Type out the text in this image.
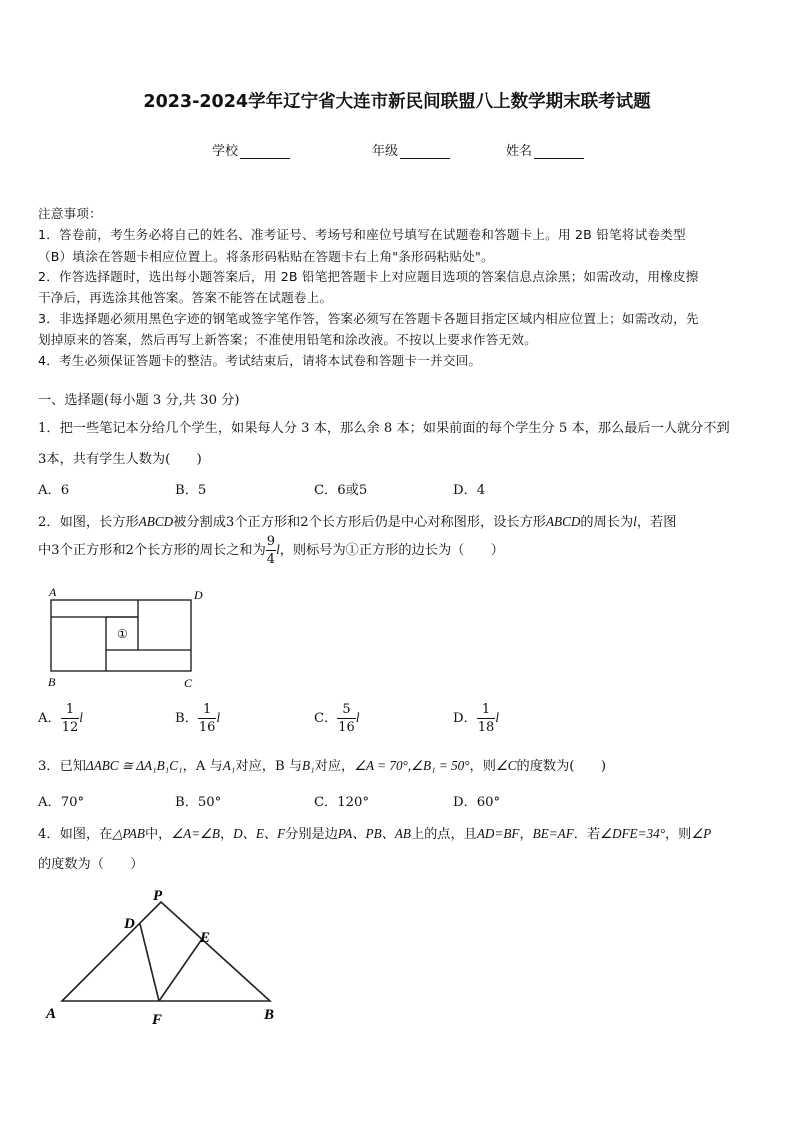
2023-2024学年辽宁省大连市新民间联盟八上数学期末联考试题
学校	年级	姓名
注意事项：
1．答卷前，考生务必将自己的姓名、准考证号、考场号和座位号填写在试题卷和答题卡上。用 2B 铅笔将试卷类型
（B）填涂在答题卡相应位置上。将条形码粘贴在答题卡右上角"条形码粘贴处"。
2．作答选择题时，选出每小题答案后，用 2B 铅笔把答题卡上对应题目选项的答案信息点涂黑；如需改动，用橡皮擦
干净后，再选涂其他答案。答案不能答在试题卷上。
3．非选择题必须用黑色字迹的钢笔或签字笔作答，答案必须写在答题卡各题目指定区域内相应位置上；如需改动，先
划掉原来的答案，然后再写上新答案；不准使用铅笔和涂改液。不按以上要求作答无效。
4．考生必须保证答题卡的整洁。考试结束后，请将本试卷和答题卡一并交回。
一、选择题(每小题 3 分,共 30 分)
1．把一些笔记本分给几个学生，如果每人分 3 本，那么余 8 本；如果前面的每个学生分 5 本，那么最后一人就分不到
3本，共有学生人数为(　　)
A．6	B．5	C．6或5	D．4
2．如图，长方形ABCD被分割成3个正方形和2个长方形后仍是中心对称图形，设长方形ABCD的周长为l，若图
中3个正方形和2个长方形的周长之和为 $\frac{9}{4}$ l，则标号为①正方形的边长为（　　）
A	D
B	C
①
A． $\frac{1}{12}$ l	B． $\frac{1}{16}$ l	C． $\frac{5}{16}$ l	D． $\frac{1}{18}$ l
3．已知ΔABC ≅ ΔA₁B₁C₁，A 与A₁对应，B 与B₁对应，∠A = 70°,∠B₁ = 50°，则∠C的度数为(　　)
A．70°	B．50°	C．120°	D．60°
4．如图，在△PAB中，∠A=∠B，D、E、F分别是边PA、PB、AB上的点，且AD=BF，BE=AF．若∠DFE=34°，则∠P
的度数为（　　）
P
D
E
A	F	B
